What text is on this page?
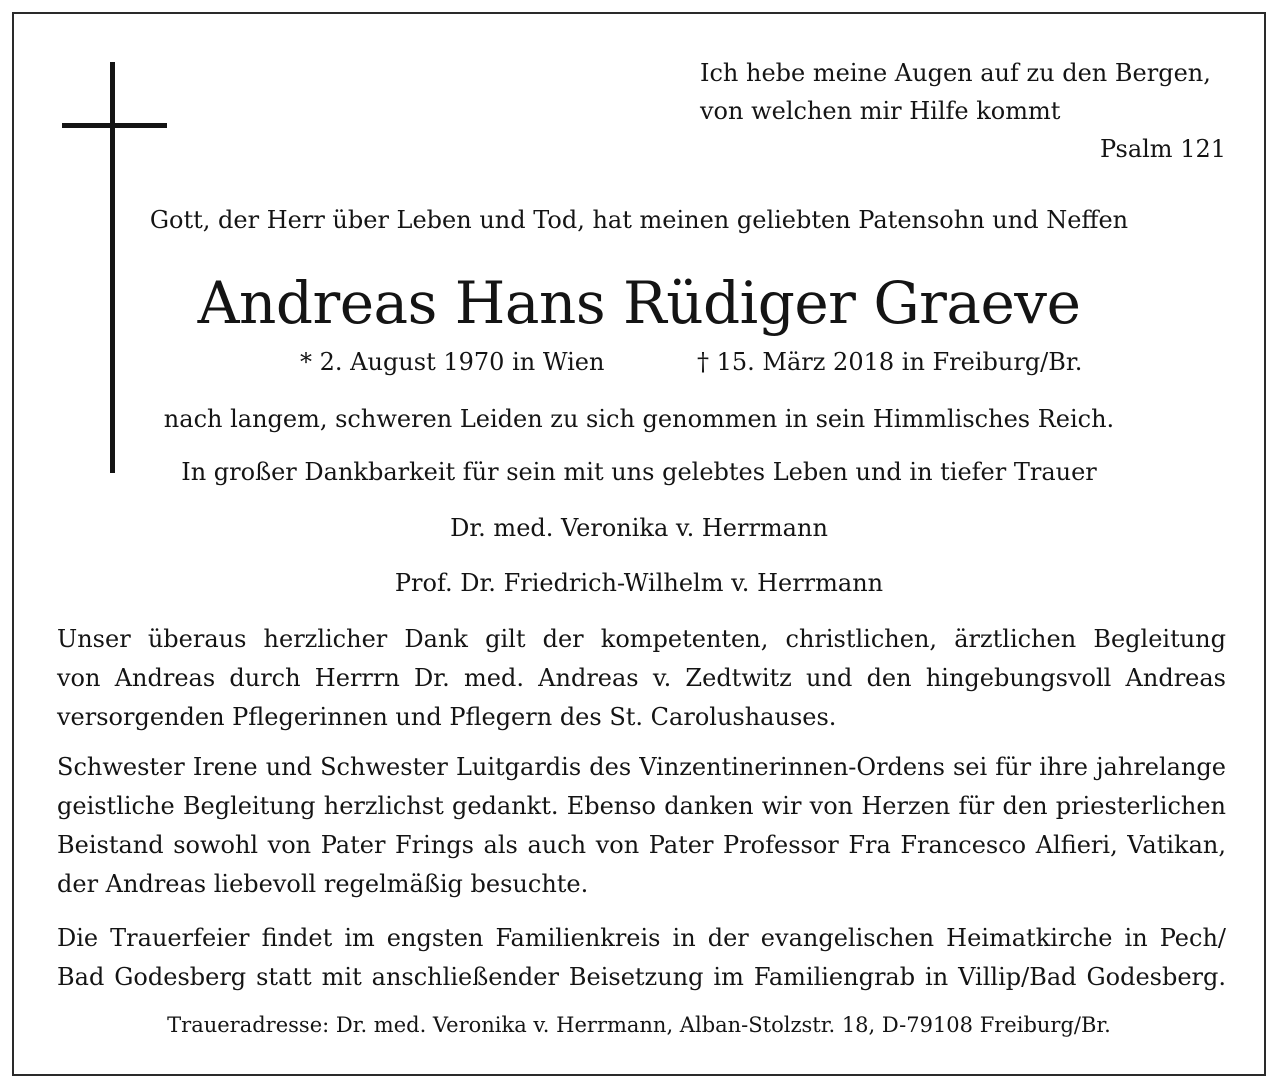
Ich hebe meine Augen auf zu den Bergen,
von welchen mir Hilfe kommt
Psalm 121
Gott, der Herr über Leben und Tod, hat meinen geliebten Patensohn und Neffen
Andreas Hans Rüdiger Graeve
* 2. August 1970 in Wien	† 15. März 2018 in Freiburg/Br.
nach langem, schweren Leiden zu sich genommen in sein Himmlisches Reich.
In großer Dankbarkeit für sein mit uns gelebtes Leben und in tiefer Trauer
Dr. med. Veronika v. Herrmann
Prof. Dr. Friedrich-Wilhelm v. Herrmann
Unser überaus herzlicher Dank gilt der kompetenten, christlichen, ärztlichen Begleitung
von Andreas durch Herrrn Dr. med. Andreas v. Zedtwitz und den hingebungsvoll Andreas
versorgenden Pflegerinnen und Pflegern des St. Carolushauses.
Schwester Irene und Schwester Luitgardis des Vinzentinerinnen-Ordens sei für ihre jahrelange
geistliche Begleitung herzlichst gedankt. Ebenso danken wir von Herzen für den priesterlichen
Beistand sowohl von Pater Frings als auch von Pater Professor Fra Francesco Alfieri, Vatikan,
der Andreas liebevoll regelmäßig besuchte.
Die Trauerfeier findet im engsten Familienkreis in der evangelischen Heimatkirche in Pech/
Bad Godesberg statt mit anschließender Beisetzung im Familiengrab in Villip/Bad Godesberg.
Traueradresse: Dr. med. Veronika v. Herrmann, Alban-Stolzstr. 18, D-79108 Freiburg/Br.
